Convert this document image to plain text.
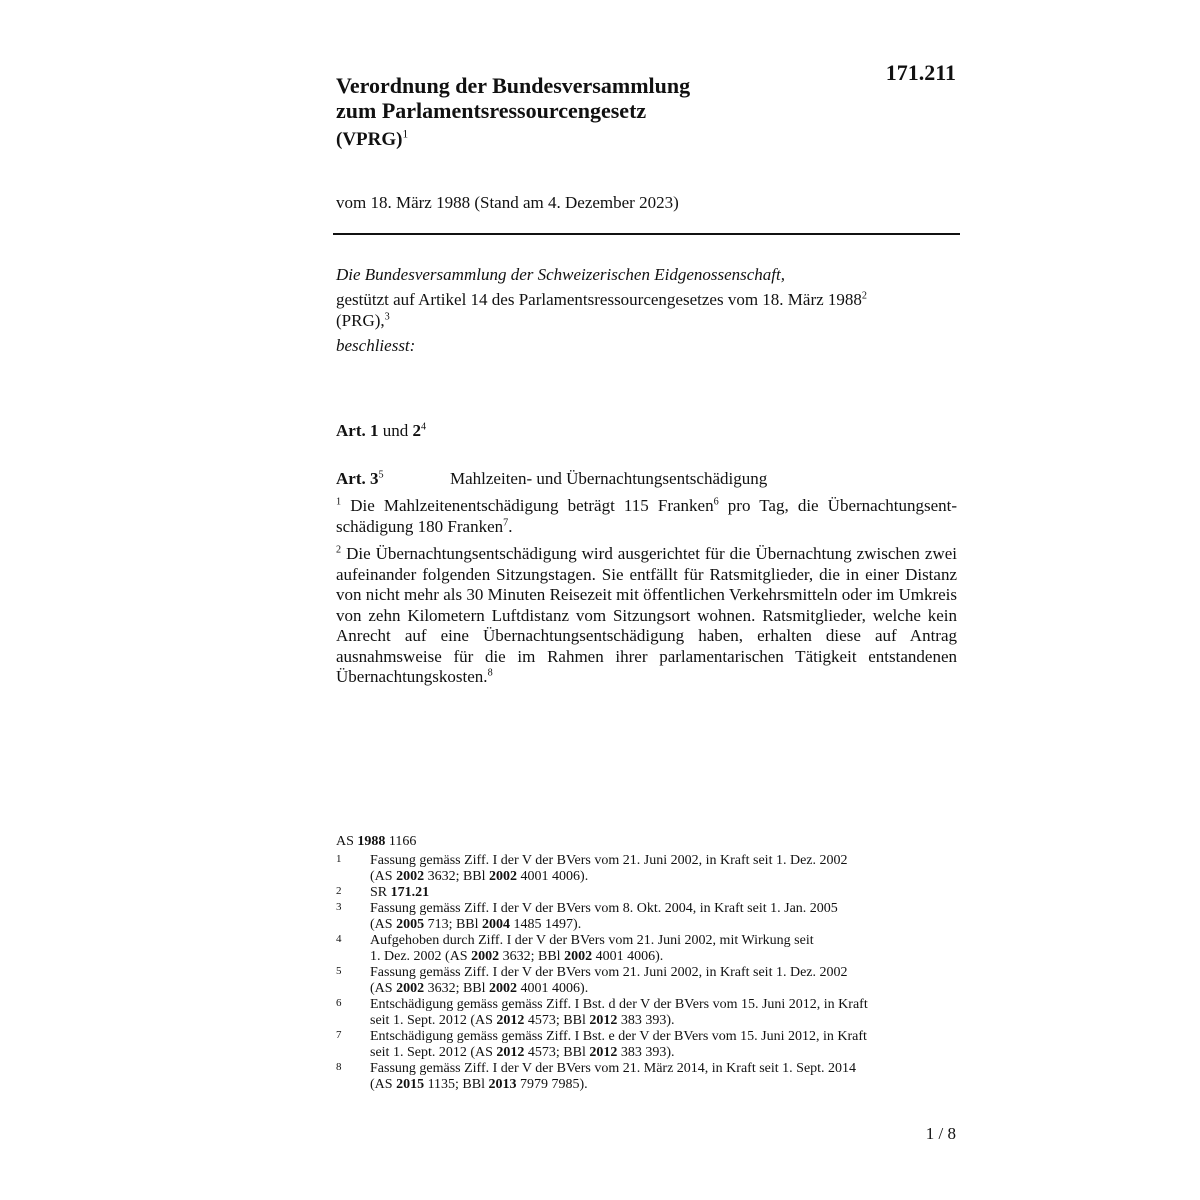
171.211
Verordnung der Bundesversammlung
zum Parlamentsressourcengesetz
(VPRG)$^1$
vom 18. März 1988 (Stand am 4. Dezember 2023)
Die Bundesversammlung der Schweizerischen Eidgenossenschaft,
gestützt auf Artikel 14 des Parlamentsressourcengesetzes vom 18. März 1988$^2$
(PRG),$^3$
beschliesst:
Art. 1 und $2^4$
Art. $3^5$	Mahlzeiten- und Übernachtungsentschädigung

$^1$ Die Mahlzeitenentschädigung beträgt 115 Franken$^6$ pro Tag, die Übernachtungsentschädigung 180 Franken$^7$.

$^2$ Die Übernachtungsentschädigung wird ausgerichtet für die Übernachtung zwischen zwei aufeinander folgenden Sitzungstagen. Sie entfällt für Ratsmitglieder, die in einer Distanz von nicht mehr als 30 Minuten Reisezeit mit öffentlichen Verkehrsmitteln oder im Umkreis von zehn Kilometern Luftdistanz vom Sitzungsort wohnen. Ratsmitglieder, welche kein Anrecht auf eine Übernachtungsentschädigung haben, erhalten diese auf Antrag ausnahmsweise für die im Rahmen ihrer parlamentarischen Tätigkeit entstandenen Übernachtungskosten.$^8$

AS 1988 1166
1	Fassung gemäss Ziff. I der V der BVers vom 21. Juni 2002, in Kraft seit 1. Dez. 2002
(AS 2002 3632; BBl 2002 4001 4006).
2	SR 171.21
3	Fassung gemäss Ziff. I der V der BVers vom 8. Okt. 2004, in Kraft seit 1. Jan. 2005
(AS 2005 713; BBl 2004 1485 1497).
4	Aufgehoben durch Ziff. I der V der BVers vom 21. Juni 2002, mit Wirkung seit
1. Dez. 2002 (AS 2002 3632; BBl 2002 4001 4006).
5	Fassung gemäss Ziff. I der V der BVers vom 21. Juni 2002, in Kraft seit 1. Dez. 2002
(AS 2002 3632; BBl 2002 4001 4006).
6	Entschädigung gemäss gemäss Ziff. I Bst. d der V der BVers vom 15. Juni 2012, in Kraft
seit 1. Sept. 2012 (AS 2012 4573; BBl 2012 383 393).
7	Entschädigung gemäss gemäss Ziff. I Bst. e der V der BVers vom 15. Juni 2012, in Kraft
seit 1. Sept. 2012 (AS 2012 4573; BBl 2012 383 393).
8	Fassung gemäss Ziff. I der V der BVers vom 21. März 2014, in Kraft seit 1. Sept. 2014
(AS 2015 1135; BBl 2013 7979 7985).
1 / 8
